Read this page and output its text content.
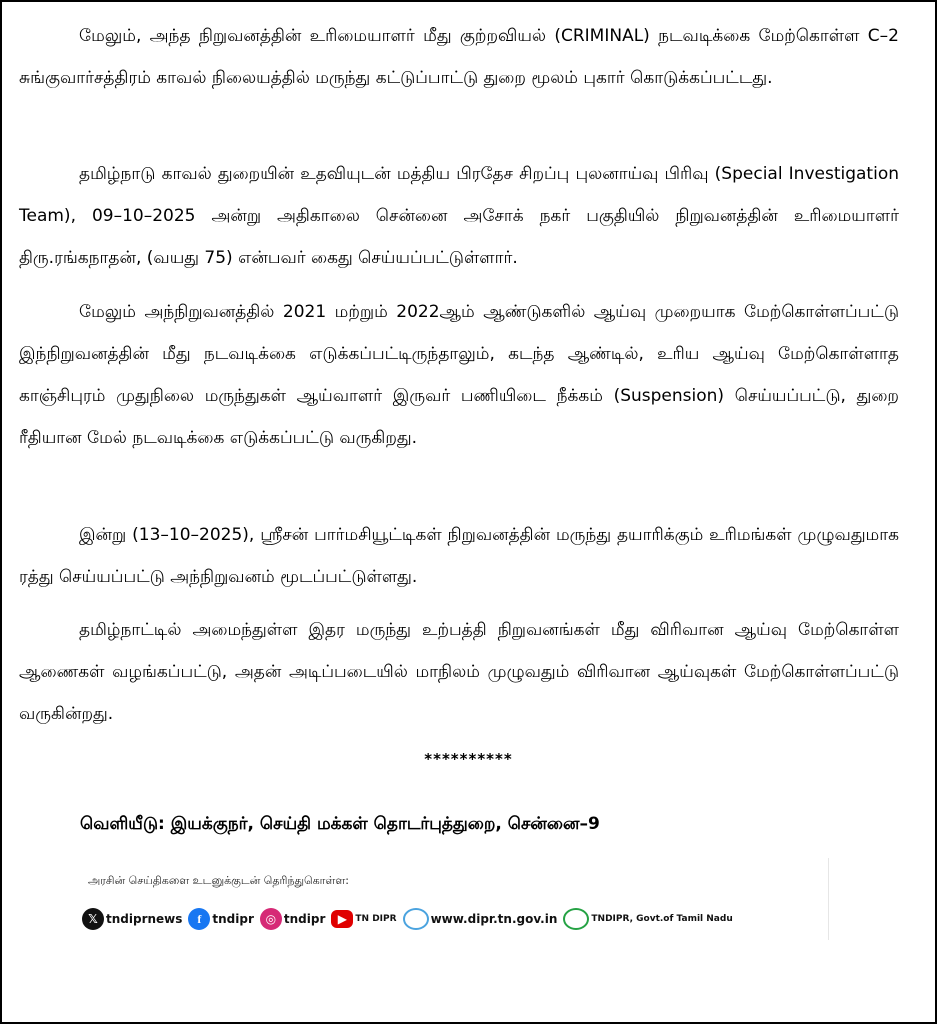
மேலும், அந்த நிறுவனத்தின் உரிமையாளர் மீது குற்றவியல் (CRIMINAL) நடவடிக்கை மேற்கொள்ள C–2 சுங்குவார்சத்திரம் காவல் நிலையத்தில் மருந்து கட்டுப்பாட்டு துறை மூலம் புகார் கொடுக்கப்பட்டது.

தமிழ்நாடு காவல் துறையின் உதவியுடன் மத்திய பிரதேச சிறப்பு புலனாய்வு பிரிவு (Special Investigation Team), 09–10–2025 அன்று அதிகாலை சென்னை அசோக் நகர் பகுதியில் நிறுவனத்தின் உரிமையாளர் திரு.ரங்கநாதன், (வயது 75) என்பவர் கைது செய்யப்பட்டுள்ளார்.

மேலும் அந்நிறுவனத்தில் 2021 மற்றும் 2022ஆம் ஆண்டுகளில் ஆய்வு முறையாக மேற்கொள்ளப்பட்டு இந்நிறுவனத்தின் மீது நடவடிக்கை எடுக்கப்பட்டிருந்தாலும், கடந்த ஆண்டில், உரிய ஆய்வு மேற்கொள்ளாத காஞ்சிபுரம் முதுநிலை மருந்துகள் ஆய்வாளர் இருவர் பணியிடை நீக்கம் (Suspension) செய்யப்பட்டு, துறை ரீதியான மேல் நடவடிக்கை எடுக்கப்பட்டு வருகிறது.

இன்று (13–10–2025), ஸ்ரீசன் பார்மசியூட்டிகள் நிறுவனத்தின் மருந்து தயாரிக்கும் உரிமங்கள் முழுவதுமாக ரத்து செய்யப்பட்டு அந்நிறுவனம் மூடப்பட்டுள்ளது.

தமிழ்நாட்டில் அமைந்துள்ள இதர மருந்து உற்பத்தி நிறுவனங்கள் மீது விரிவான ஆய்வு மேற்கொள்ள ஆணைகள் வழங்கப்பட்டு, அதன் அடிப்படையில் மாநிலம் முழுவதும் விரிவான ஆய்வுகள் மேற்கொள்ளப்பட்டு வருகின்றது.

**********
வெளியீடு: இயக்குநர், செய்தி மக்கள் தொடர்புத்துறை, சென்னை–9
அரசின் செய்திகளை உடனுக்குடன் தெரிந்துகொள்ள:
𝕏 tndiprnews	f tndipr ◎ tndipr	▶ TN DIPR	◍ www.dipr.tn.gov.in	✆	TNDIPR, Govt.of Tamil Nadu
